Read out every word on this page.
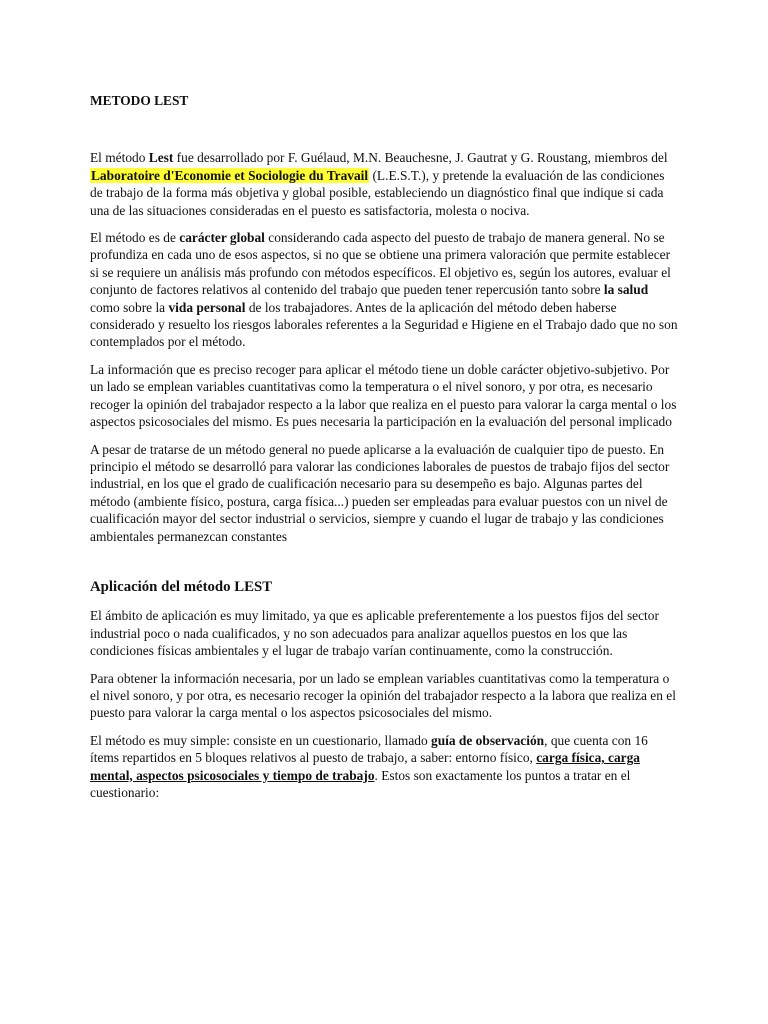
METODO LEST

El método Lest fue desarrollado por F. Guélaud, M.N. Beauchesne, J. Gautrat y G. Roustang, miembros del Laboratoire d'Economie et Sociologie du Travail (L.E.S.T.), y pretende la evaluación de las condiciones de trabajo de la forma más objetiva y global posible, estableciendo un diagnóstico final que indique si cada una de las situaciones consideradas en el puesto es satisfactoria, molesta o nociva.

El método es de carácter global considerando cada aspecto del puesto de trabajo de manera general. No se profundiza en cada uno de esos aspectos, si no que se obtiene una primera valoración que permite establecer si se requiere un análisis más profundo con métodos específicos. El objetivo es, según los autores, evaluar el conjunto de factores relativos al contenido del trabajo que pueden tener repercusión tanto sobre la salud como sobre la vida personal de los trabajadores. Antes de la aplicación del método deben haberse considerado y resuelto los riesgos laborales referentes a la Seguridad e Higiene en el Trabajo dado que no son contemplados por el método.

La información que es preciso recoger para aplicar el método tiene un doble carácter objetivo-subjetivo. Por un lado se emplean variables cuantitativas como la temperatura o el nivel sonoro, y por otra, es necesario recoger la opinión del trabajador respecto a la labor que realiza en el puesto para valorar la carga mental o los aspectos psicosociales del mismo. Es pues necesaria la participación en la evaluación del personal implicado

A pesar de tratarse de un método general no puede aplicarse a la evaluación de cualquier tipo de puesto. En principio el método se desarrolló para valorar las condiciones laborales de puestos de trabajo fijos del sector industrial, en los que el grado de cualificación necesario para su desempeño es bajo. Algunas partes del método (ambiente físico, postura, carga física...) pueden ser empleadas para evaluar puestos con un nivel de cualificación mayor del sector industrial o servicios, siempre y cuando el lugar de trabajo y las condiciones ambientales permanezcan constantes

Aplicación del método LEST

El ámbito de aplicación es muy limitado, ya que es aplicable preferentemente a los puestos fijos del sector industrial poco o nada cualificados, y no son adecuados para analizar aquellos puestos en los que las condiciones físicas ambientales y el lugar de trabajo varían continuamente, como la construcción.

Para obtener la información necesaria, por un lado se emplean variables cuantitativas como la temperatura o el nivel sonoro, y por otra, es necesario recoger la opinión del trabajador respecto a la labora que realiza en el puesto para valorar la carga mental o los aspectos psicosociales del mismo.

El método es muy simple: consiste en un cuestionario, llamado guía de observación, que cuenta con 16 ítems repartidos en 5 bloques relativos al puesto de trabajo, a saber: entorno físico, carga física, carga mental, aspectos psicosociales y tiempo de trabajo. Estos son exactamente los puntos a tratar en el cuestionario:
